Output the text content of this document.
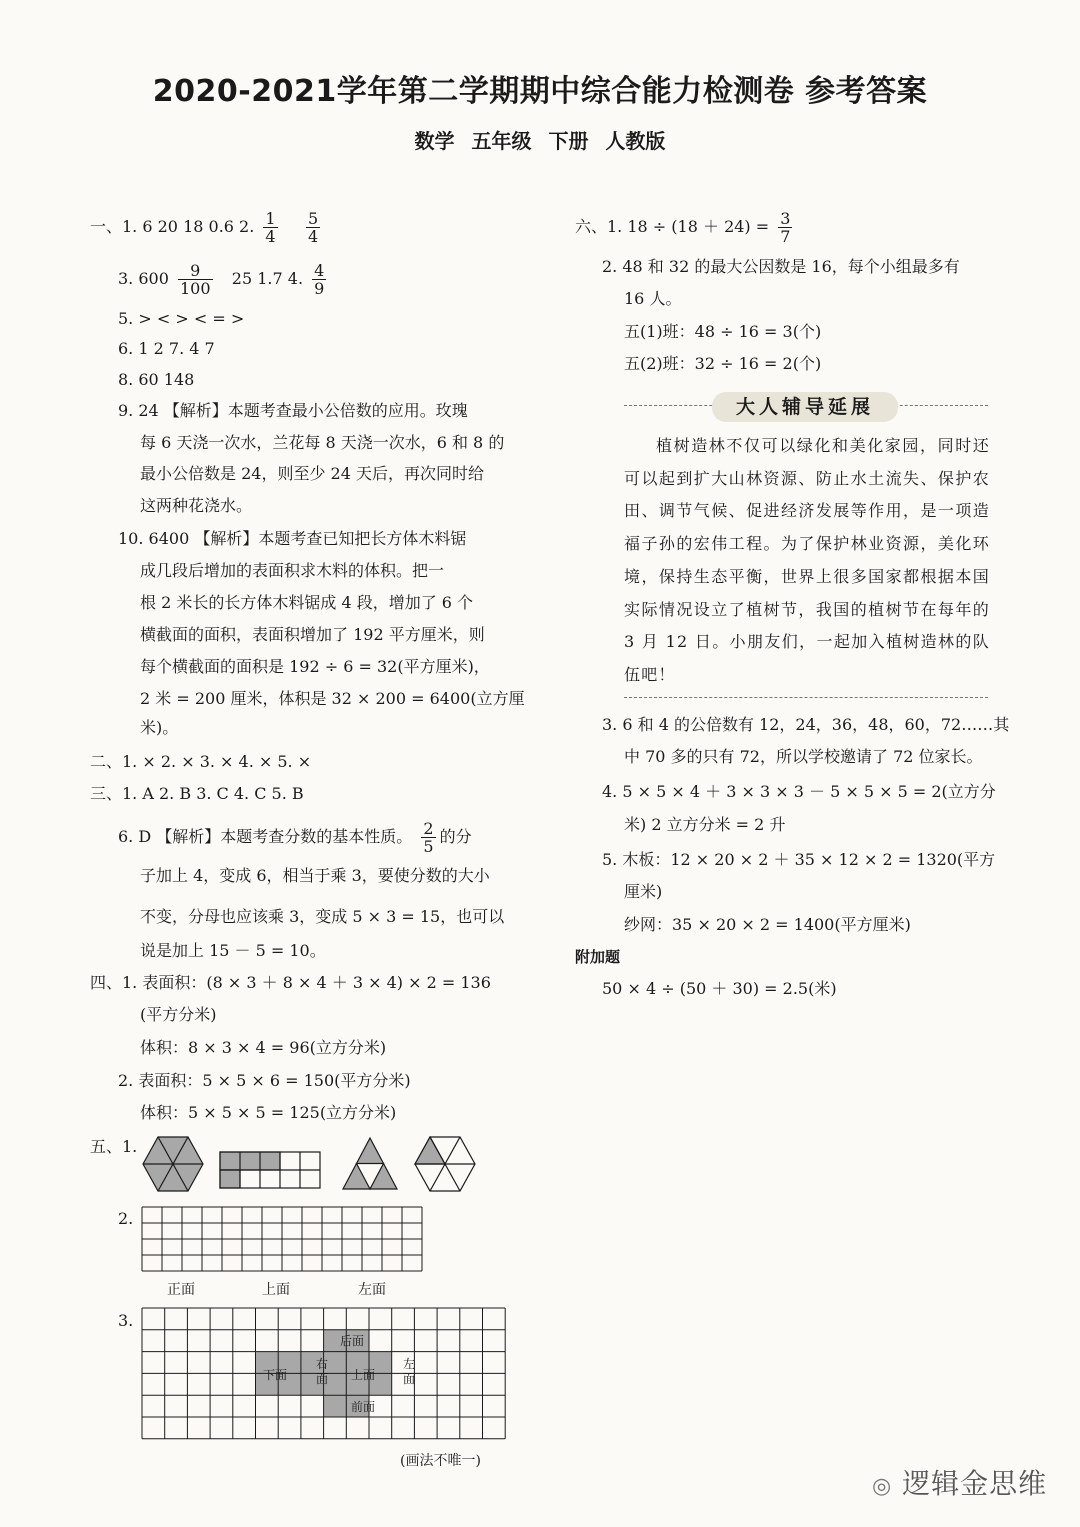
2020-2021学年第二学期期中综合能力检测卷 参考答案
数学 五年级 下册 人教版
一、1. 6 20 18 0.6 2. $\frac{1}{4}$
$\frac{5}{4}$
3. $600 \frac{9}{100} 25$ 1.7 4. $\frac{4}{9}$
5. > < > < = >
6. 1 2 7. 4 7
8. 60 148
9. 24 【解析】本题考查最小公倍数的应用。玫瑰
每 6 天浇一次水，兰花每 8 天浇一次水，6 和 8 的
最小公倍数是 24，则至少 24 天后，再次同时给
这两种花浇水。
10. 6400 【解析】本题考查已知把长方体木料锯
成几段后增加的表面积求木料的体积。把一
根 2 米长的长方体木料锯成 4 段，增加了 6 个
横截面的面积，表面积增加了 192 平方厘米，则
每个横截面的面积是 192 ÷ 6 = 32(平方厘米)，
2 米 = 200 厘米，体积是 32 × 200 = 6400(立方厘
米)。
二、1. × 2. × 3. × 4. × 5. ×
三、1. A 2. B 3. C 4. C 5. B
6. D 【解析】本题考查分数的基本性质。 $\frac{2}{5}$ 的分
子加上 4，变成 6，相当于乘 3，要使分数的大小
不变，分母也应该乘 3，变成 5 × 3 = 15，也可以
说是加上 15 － 5 = 10。
四、1. 表面积：(8 × 3 ＋ 8 × 4 ＋ 3 × 4) × 2 = 136
(平方分米)
体积：8 × 3 × 4 = 96(立方分米)
2. 表面积：5 × 5 × 6 = 150(平方分米)
体积：5 × 5 × 5 = 125(立方分米)
五、1.
2.
正面	上面	左面
3.
后面
下面
右面 上面
左面
前面
(画法不唯一)
六、1. $18 \div (18 + 24) = \frac{3}{7}$
2. 48 和 32 的最大公因数是 16，每个小组最多有
16 人。
五(1)班：48 ÷ 16 = 3(个)
五(2)班：32 ÷ 16 = 2(个)
大人辅导延展
植树造林不仅可以绿化和美化家园，同时还可以起到扩大山林资源、防止水土流失、保护农田、调节气候、促进经济发展等作用，是一项造福子孙的宏伟工程。为了保护林业资源，美化环境，保持生态平衡，世界上很多国家都根据本国实际情况设立了植树节，我国的植树节在每年的 3 月 12 日。小朋友们，一起加入植树造林的队伍吧！
3. 6 和 4 的公倍数有 12，24，36，48，60，72……其
中 70 多的只有 72，所以学校邀请了 72 位家长。
4. 5 × 5 × 4 ＋ 3 × 3 × 3 － 5 × 5 × 5 = 2(立方分
米) 2 立方分米 = 2 升
5. 木板：12 × 20 × 2 ＋ 35 × 12 × 2 = 1320(平方
厘米)
纱网：35 × 20 × 2 = 1400(平方厘米)
附加题
50 × 4 ÷ (50 ＋ 30) = 2.5(米)
◎ 逻辑金思维
